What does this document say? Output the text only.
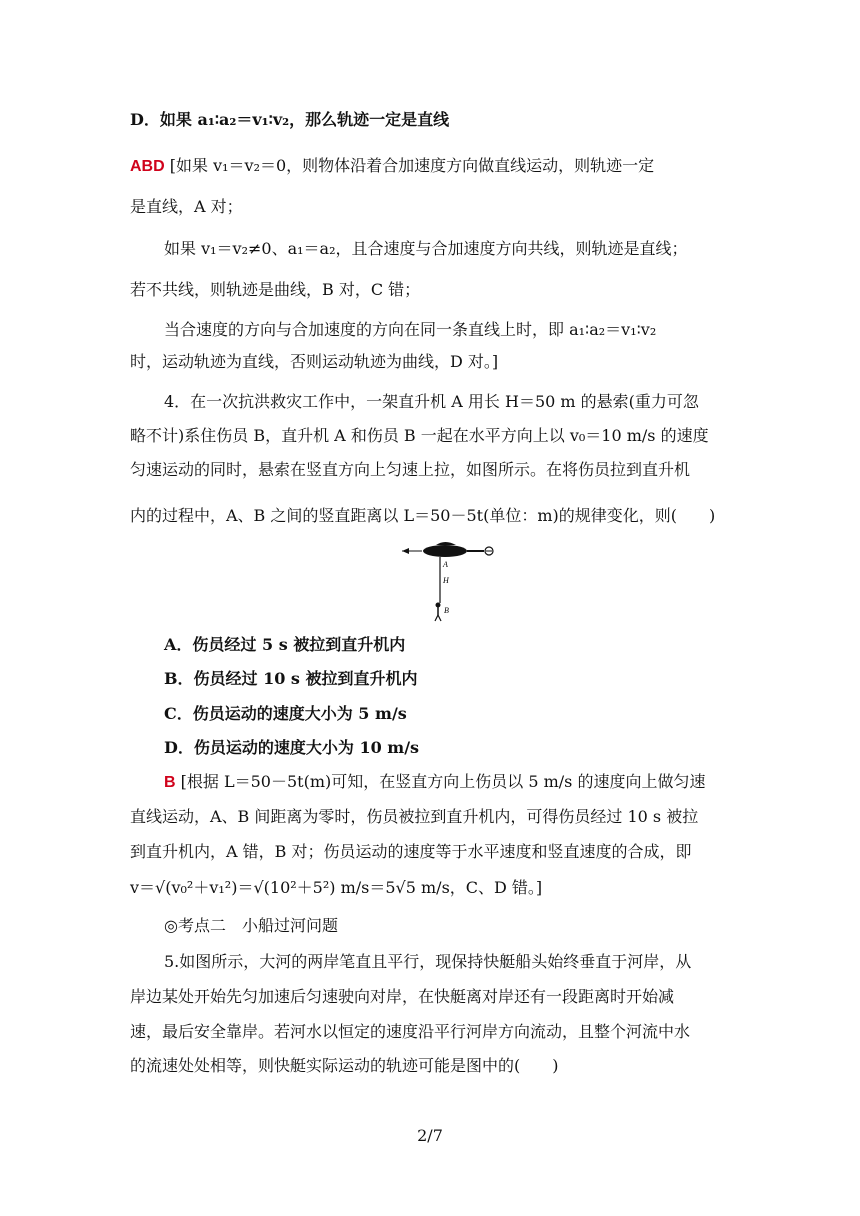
D．如果 a₁∶a₂＝v₁∶v₂，那么轨迹一定是直线
ABD [如果 v₁＝v₂＝0，则物体沿着合加速度方向做直线运动，则轨迹一定
是直线，A 对；
如果 v₁＝v₂≠0、a₁＝a₂，且合速度与合加速度方向共线，则轨迹是直线；
若不共线，则轨迹是曲线，B 对，C 错；
当合速度的方向与合加速度的方向在同一条直线上时，即 a₁∶a₂＝v₁∶v₂
时，运动轨迹为直线，否则运动轨迹为曲线，D 对。]
4．在一次抗洪救灾工作中，一架直升机 A 用长 H＝50 m 的悬索(重力可忽
略不计)系住伤员 B，直升机 A 和伤员 B 一起在水平方向上以 v₀＝10 m/s 的速度
匀速运动的同时，悬索在竖直方向上匀速上拉，如图所示。在将伤员拉到直升机
内的过程中，A、B 之间的竖直距离以 L＝50－5t(单位：m)的规律变化，则(　　)
A
H
B
A．伤员经过 5 s 被拉到直升机内
B．伤员经过 10 s 被拉到直升机内
C．伤员运动的速度大小为 5 m/s
D．伤员运动的速度大小为 10 m/s
B [根据 L＝50－5t(m)可知，在竖直方向上伤员以 5 m/s 的速度向上做匀速
直线运动，A、B 间距离为零时，伤员被拉到直升机内，可得伤员经过 10 s 被拉
到直升机内，A 错，B 对；伤员运动的速度等于水平速度和竖直速度的合成，即
v＝√(v₀²＋v₁²)＝√(10²＋5²) m/s＝5√5 m/s，C、D 错。]
◎考点二　小船过河问题
5.如图所示，大河的两岸笔直且平行，现保持快艇船头始终垂直于河岸，从
岸边某处开始先匀加速后匀速驶向对岸，在快艇离对岸还有一段距离时开始减
速，最后安全靠岸。若河水以恒定的速度沿平行河岸方向流动，且整个河流中水
的流速处处相等，则快艇实际运动的轨迹可能是图中的(　　)
2/7
